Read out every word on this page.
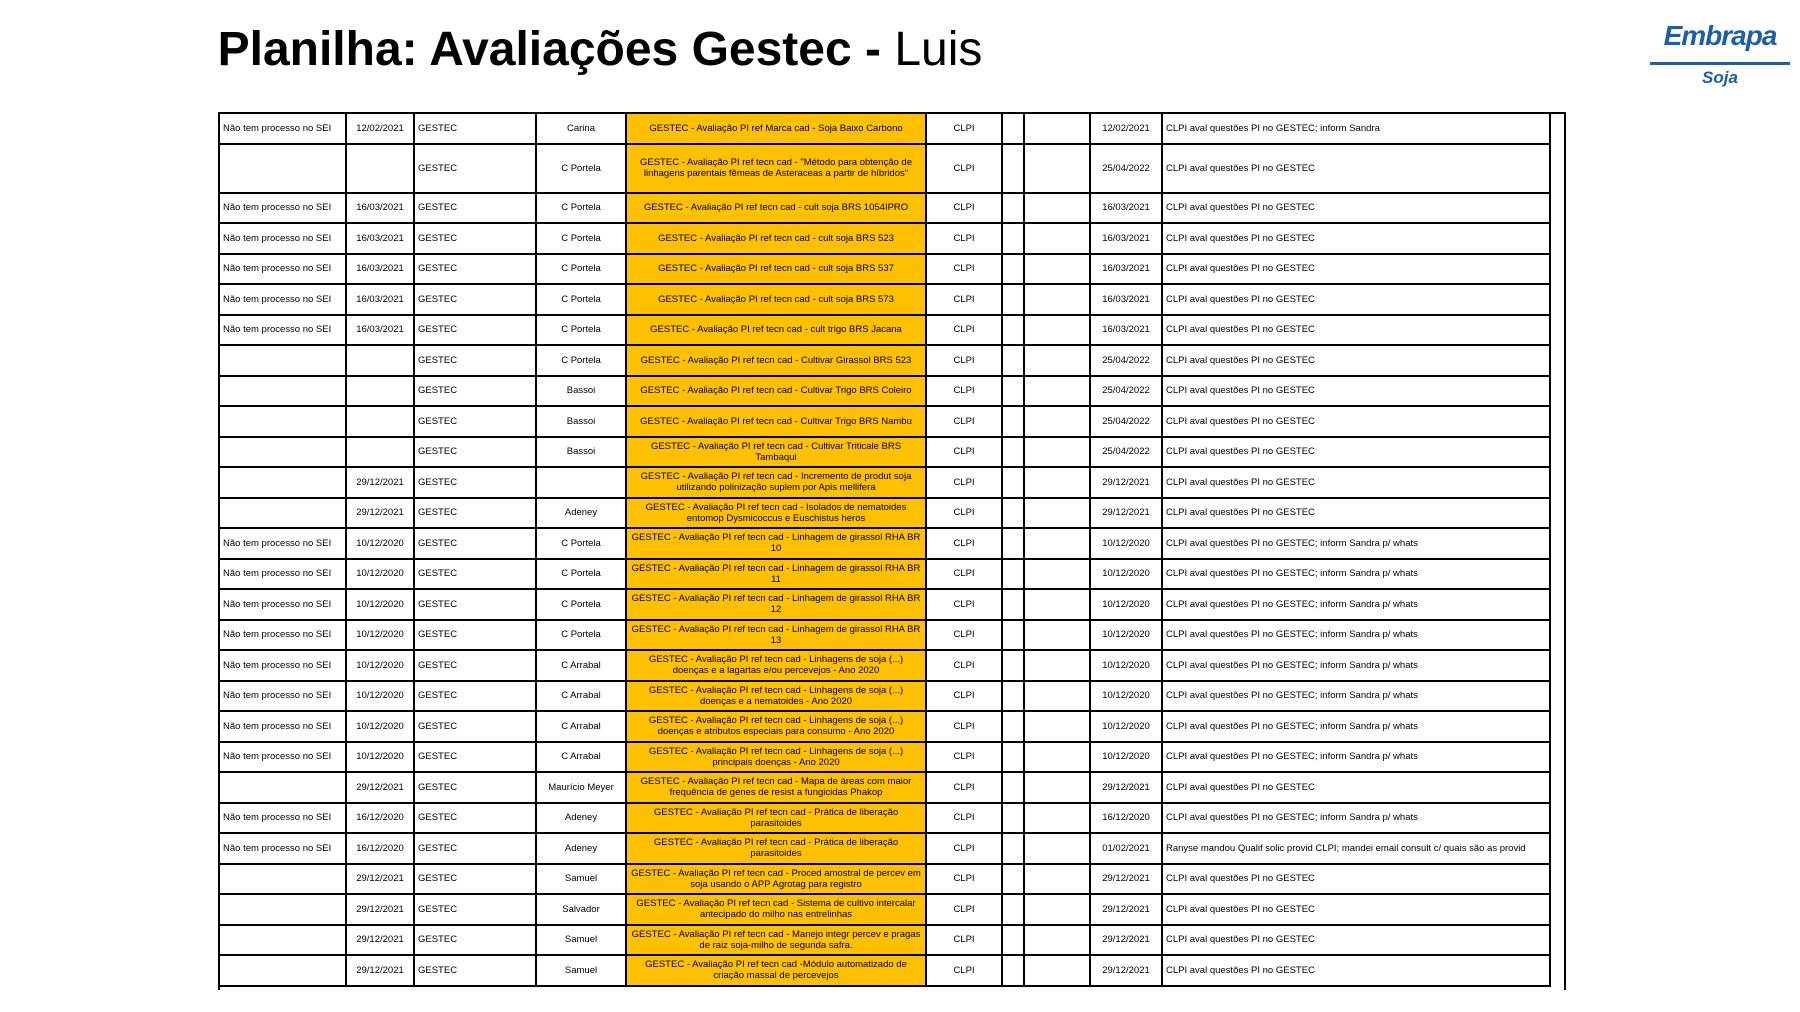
Planilha: Avaliações Gestec - Luis	Embrapa
Soja
Não tem processo no SEI	12/02/2021	GESTEC	Carina	GESTEC - Avaliação PI ref Marca cad - Soja Baixo Carbono	CLPI			12/02/2021	CLPI aval questões PI no GESTEC; inform Sandra
		GESTEC	C Portela	GESTEC - Avaliação PI ref tecn cad - "Método para obtenção de linhagens parentais fêmeas de Asteraceas a partir de híbridos"	CLPI			25/04/2022	CLPI aval questões PI no GESTEC
Não tem processo no SEI	16/03/2021	GESTEC	C Portela	GESTEC - Avaliação PI ref tecn cad - cult soja BRS 1054IPRO	CLPI			16/03/2021	CLPI aval questões PI no GESTEC
Não tem processo no SEI	16/03/2021	GESTEC	C Portela	GESTEC - Avaliação PI ref tecn cad - cult soja BRS 523	CLPI			16/03/2021	CLPI aval questões PI no GESTEC
Não tem processo no SEI	16/03/2021	GESTEC	C Portela	GESTEC - Avaliação PI ref tecn cad - cult soja BRS 537	CLPI			16/03/2021	CLPI aval questões PI no GESTEC
Não tem processo no SEI	16/03/2021	GESTEC	C Portela	GESTEC - Avaliação PI ref tecn cad - cult soja BRS 573	CLPI			16/03/2021	CLPI aval questões PI no GESTEC
Não tem processo no SEI	16/03/2021	GESTEC	C Portela	GESTEC - Avaliação PI ref tecn cad - cult trigo BRS Jacana	CLPI			16/03/2021	CLPI aval questões PI no GESTEC
		GESTEC	C Portela	GESTEC - Avaliação PI ref tecn cad - Cultivar Girassol BRS 523	CLPI			25/04/2022	CLPI aval questões PI no GESTEC
		GESTEC	Bassoi	GESTEC - Avaliação PI ref tecn cad - Cultivar Trigo BRS Coleiro	CLPI			25/04/2022	CLPI aval questões PI no GESTEC
		GESTEC	Bassoi	GESTEC - Avaliação PI ref tecn cad - Cultivar Trigo BRS Nambu	CLPI			25/04/2022	CLPI aval questões PI no GESTEC
		GESTEC	Bassoi	GESTEC - Avaliação PI ref tecn cad - Cultivar Triticale BRS Tambaqui	CLPI			25/04/2022	CLPI aval questões PI no GESTEC
	29/12/2021	GESTEC		GESTEC - Avaliação PI ref tecn cad - Incremento de produt soja utilizando polinização suplem por Apis mellifera	CLPI			29/12/2021	CLPI aval questões PI no GESTEC
	29/12/2021	GESTEC	Adeney	GESTEC - Avaliação PI ref tecn cad - Isolados de nematoides entomop Dysmicoccus e Euschistus heros	CLPI			29/12/2021	CLPI aval questões PI no GESTEC
Não tem processo no SEI	10/12/2020	GESTEC	C Portela	GESTEC - Avaliação PI ref tecn cad - Linhagem de girassol RHA BR 10	CLPI			10/12/2020	CLPI aval questões PI no GESTEC; inform Sandra p/ whats
Não tem processo no SEI	10/12/2020	GESTEC	C Portela	GESTEC - Avaliação PI ref tecn cad - Linhagem de girassol RHA BR 11	CLPI			10/12/2020	CLPI aval questões PI no GESTEC; inform Sandra p/ whats
Não tem processo no SEI	10/12/2020	GESTEC	C Portela	GESTEC - Avaliação PI ref tecn cad - Linhagem de girassol RHA BR 12	CLPI			10/12/2020	CLPI aval questões PI no GESTEC; inform Sandra p/ whats
Não tem processo no SEI	10/12/2020	GESTEC	C Portela	GESTEC - Avaliação PI ref tecn cad - Linhagem de girassol RHA BR 13	CLPI			10/12/2020	CLPI aval questões PI no GESTEC; inform Sandra p/ whats
Não tem processo no SEI	10/12/2020	GESTEC	C Arrabal	GESTEC - Avaliação PI ref tecn cad - Linhagens de soja (...) doenças e a lagartas e/ou percevejos - Ano 2020	CLPI			10/12/2020	CLPI aval questões PI no GESTEC; inform Sandra p/ whats
Não tem processo no SEI	10/12/2020	GESTEC	C Arrabal	GESTEC - Avaliação PI ref tecn cad - Linhagens de soja (...) doenças e a nematoides - Ano 2020	CLPI			10/12/2020	CLPI aval questões PI no GESTEC; inform Sandra p/ whats
Não tem processo no SEI	10/12/2020	GESTEC	C Arrabal	GESTEC - Avaliação PI ref tecn cad - Linhagens de soja (...) doenças e atributos especiais para consumo - Ano 2020	CLPI			10/12/2020	CLPI aval questões PI no GESTEC; inform Sandra p/ whats
Não tem processo no SEI	10/12/2020	GESTEC	C Arrabal	GESTEC - Avaliação PI ref tecn cad - Linhagens de soja (...) principais doenças - Ano 2020	CLPI			10/12/2020	CLPI aval questões PI no GESTEC; inform Sandra p/ whats
	29/12/2021	GESTEC	Maurício Meyer	GESTEC - Avaliação PI ref tecn cad - Mapa de áreas com maior frequência de genes de resist a fungicidas Phakop	CLPI			29/12/2021	CLPI aval questões PI no GESTEC
Não tem processo no SEI	16/12/2020	GESTEC	Adeney	GESTEC - Avaliação PI ref tecn cad - Prática de liberação parasitoides	CLPI			16/12/2020	CLPI aval questões PI no GESTEC; inform Sandra p/ whats
Não tem processo no SEI	16/12/2020	GESTEC	Adeney	GESTEC - Avaliação PI ref tecn cad - Prática de liberação parasitoides	CLPI			01/02/2021	Ranyse mandou Qualif solic provid CLPI; mandei email consult c/ quais são as provid
	29/12/2021	GESTEC	Samuel	GESTEC - Avaliação PI ref tecn cad - Proced amostral de percev em soja usando o APP Agrotag para registro	CLPI			29/12/2021	CLPI aval questões PI no GESTEC
	29/12/2021	GESTEC	Salvador	GESTEC - Avaliação PI ref tecn cad - Sistema de cultivo intercalar antecipado do milho nas entrelinhas	CLPI			29/12/2021	CLPI aval questões PI no GESTEC
	29/12/2021	GESTEC	Samuel	GESTEC - Avaliação PI ref tecn cad - Manejo integr percev e pragas de raiz soja-milho de segunda safra.	CLPI			29/12/2021	CLPI aval questões PI no GESTEC
	29/12/2021	GESTEC	Samuel	GESTEC - Avaliação PI ref tecn cad -Módulo automatizado de criação massal de percevejos	CLPI			29/12/2021	CLPI aval questões PI no GESTEC
